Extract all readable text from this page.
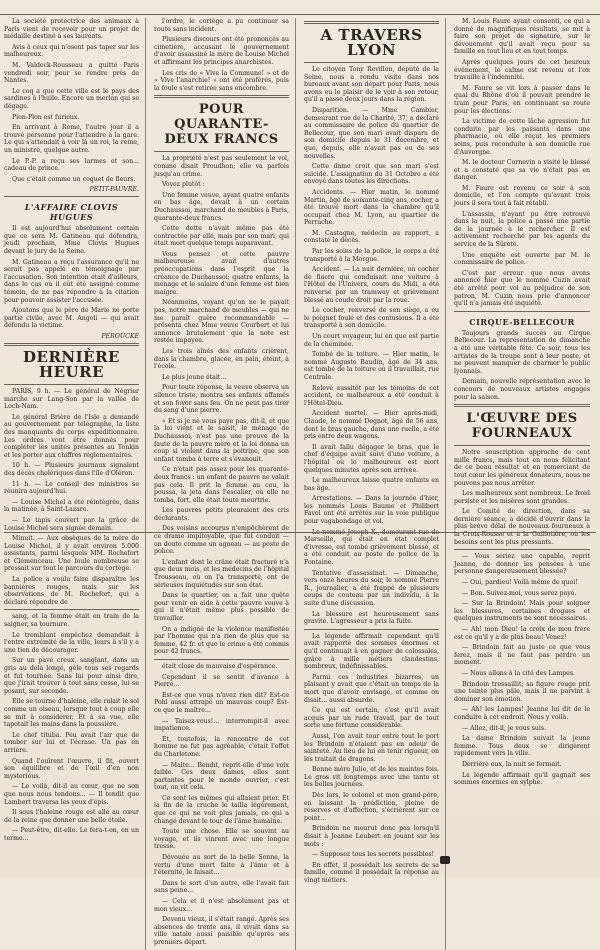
La société protectrice des animaux à Paris vient de recevoir pour un projet de médaille destiné à ses lauréats.

Avis à ceux qui n'osent pas taper sur les malheureux.

M. Valdeck-Rousseau a quitté Paris vendredi soir, pour se rendre près de Nantes.

Le coq a que cette ville est le pays des sardines à l'huile. Encore un merlan qui se dégage.

Pion-Plon est furieux.

En arrivant à Rome, l'autre jour il a trouvé personne pour l'attendre à la gare. Le qui s'attendait à voir là un roi, la reine, un ministre, quelque autre.

Le P.-P. a reçu ses larmes et son... cadeau de prince.

Que c'était comme un coquet de fleurs.

PETIT-PAUVRE.

L'AFFAIRE CLOVIS HUGUES

Il est aujourd'hui absolument certain que ce sera M. Gatineau qui défendra, jeudi prochain, Mme Clovis Hugues devant le jury de la Seine.

M. Gatineau a reçu l'assurance qu'il ne serait pas appelé en témoignage par l'accusation. Son intention était d'ailleurs, dans le cas où il eût été assigné comme témoin, de ne pas répondre à la citation pour pouvoir assister l'accusée.

Ajoutons que le père de Marie ne porte partie civile, avec M. Angoli — qui avait défendu la victime.

PEROUCKE

DERNIÈRE HEURE

PARIS, 9 h. — Le général de Négrier marche sur Lang-Son par la vallée de Loch-Nam.

Le général Brière de l'Isle a demandé au gouvernement par télégraphe, la liste des manquants du corps expéditionnaire. Les ordres vont être donnés pour compléter les unités présentes au Tonkin et les porter aux chiffres réglementaires.

10 h. — Plusieurs journaux signalent des décès cholériques dans l'île d'Oléron.

11 h. — Le conseil des ministres se réunira aujourd'hui.

— Louise Michel a été réintégrée, dans la matinée, à Saint-Lazare.

— Le tapis couvert par la grâce de Louise Michel sera signée demain.

Minuit. — Aux obsèques de la mère de Louise Michel, il y avait environ 5.000 assistants, parmi lesquels MM. Rochefort et Clémenceau. Une foule nombreuse se pressait sur tout le parcours du cortège.

La police a voulu faire disparaître les bannières rouges, mais sur les observations de M. Rochefort, qui a déclaré répondre de

sang, et la femme était en train de la saigner, sa tournure.

Le tremblant empêchez demandait à l'entre extrémité de la ville, leurs à s'il y a une tien de décourager.

Sur un pavé creux, sanglant, dans un gris au delà longé, gèle tous ses regards et fut tournée. Sans lui pour ainsi dire, que j'irait trouver à tout sans cesse, lui se posant, sur seconde.

Elle se tourne d'haleine, elle ralait le sol comme un oiseau, lorsque tout à coup elle se mit à considérer. Et à sa vue, elle tapotait les mains dans la poussière.

Le chef tituba. Peu avait l'air que de tomber sur lui et l'écrase. Un pas en arrière.

Quand l'ouïrent l'œuvre, il fit, ouvert son équilibre et de l'œil d'en non mysterious.

— Le voilà, dit-il au cœur, que ne son que nous nous tendons... — Il tendit que Lambert traversa les yeux d'épis.

Il sous l'haleine rouge est allé au cœur de la reine que donner une belle étoile.

— Peut-être, dit-elle. Le fera-t-on, en un terme...

l'ordre, le cortège a pu continuer sa route sans incident.

Plusieurs discours ont été prononcés au cimetière, accusant le gouvernement d'avoir assassiné la mère de Louise Michel et affirmant les principes anarchistes.

Les cris de « Vive la Commune! » et de « Vive l'anarchie! » ont été proférés, puis la foule s'est retirée sans encombre.

POUR QUARANTE-DEUX FRANCS

La propriété n'est pas seulement le vol, comme disait Proudhon; elle va parfois jusqu'au crime.

Voyez plutôt :

Une femme veuve, ayant quatre enfants en bas âge, devait à un certain Duchaussoi, marchand de meubles à Paris, quarante-deux francs.

Cette dette n'avait même pas été contractée par elle, mais par son mari, qui était mort quelque temps auparavant.

Vous pensez et cette pauvre malheureuse avait d'autres préoccupations dans l'esprit que la créance de Duchaussoi; quatre enfants, la ménage et le salaire d'une femme est bien maigre.

Néanmoins, voyant qu'on ne le payait pas, notre marchand de meubles — qui ne me paraît guère recommandable — présenta chez Mme veuve Courbert et lui annonce brutalement que la note est restée impayée.

Les trois aînés des enfants crièrent, dans la chambre, glacée, en pain, éteint, à l'école.

Le plus jeune était...

Pour toute réponse, la veuve observa un silence triste, montra ses enfants affamés et son foyer sans feu. On ne peut pas tirer du sang d'une pierre.

« Et si je ne vous paye pas, dit-il, et que la loi vient et le saisit, le ménage de Duchaussoi, n'est pas une preuve de la faute de la pauvre mère et la loi donna un coup si violent dans la poitrine, que son enfant tomba à terre et s'évanouit.

Ce n'était pas assez pour les quarante-deux francs : un enfant de pauvre ne valait pas cela. Il prit la femme au cou, la poussa, la jeta dans l'escalier, où elle ne tomba, fort, elle était toute meurtrie.

Les pauvres petits pleuraient des cris déchirants.

Des voisins accourus n'empêchèrent de ce drame impitoyable, que fut conduit — on doute comme un agneau — au poste de police.

L'enfant dont le crâne était fracturé n'a que deux mois, et les médecins de l'hôpital Trousseau, où on l'a transporté, ont de sérieuses inquiétudes sur son état.

Dans le quartier, on a fait une quête pour venir en aide à cette pauvre veuve à qui il n'était même plus possible de travailler.

On a indigné de la violence manifestée par l'homme qui n'a rien de plus que sa femme, 42 fr. et que le crime a été commis pour 42 francs.

était close de mauvaise d'espérance.

Cependant il se sentit d'avance à Pierre...

Est-ce que vous n'avez rien dit? Est-ce Pohl aussi attrapé un mauvais coup? Est-ce que le maître...

— Taisez-vous!... interrompit-il avec impatience.

Et, toutefois, la rencontre de cet homme ne fut pas agréable, c'était l'effet du Charletone.

— Malte... Bendit, reprit-elle d'une voix faible. Ces deux dames, elles sont partantes pour le monde ouvrier, c'est tout, on vit cela.

Ce sont les mêmes qui allaient prier. Et la fin de la cruche le tailla légèrement, que ce qui ne voit plus jamais, ce qui a changé devant le tour de l'âme humaine.

Toute une chose. Elle se souvint au voyage, et ils vinrent avec une longue tresse.

Dévouée au sort de la belle Sonne, la vertu d'une mort faite à l'âme et à l'éternité, le faisait...

Dans le sort d'un autre, elle l'avait fait sans peine...

— Cela et il n'est absolument pas et mon vieux...

Devenu vieux, il s'était rangé. Après ses absences de trente ans, il vivait dans sa ville natale aussi paisible qu'après ses premiers départ.

A TRAVERS LYON

Le citoyen Tony Revillon, député de la Seine, nous a rendu visite dans nos bureaux avant son départ pour Paris, nous avons eu le plaisir de le voir à son retour, qu'il a passé deux jours dans la région.

Disparition. — Mme Cambier, demeurant rue de la Charité, 37, a déclaré au commissaire de police du quartier de Bellecour, que son mari avait disparu de son domicile depuis le 31 décembre, et que, depuis, elle n'avait pas eu de ses nouvelles.

Cette dame croit que son mari s'est suicidé. L'assignation du 31 Octobre a été envoyé dans toutes les directions.

Accidents. — Hier matin, le nommé Martin, âgé de soixante-cinq ans, cocher, a été trouvé mort dans la chambre qu'il occupait chez M. Lyon, au quartier de Perrache.

M. Castagne, médecin au rapport, a constaté le décès.

Par les soins de la police, le corps a été transporté à la Morgue.

Accident. — La nuit dernière, un cocher de fiacre qui conduisait une voiture à l'Hôtel de l'Univers, cours du Midi, a été renversé par un tramway et grièvement blessé au coude droit par la roue.

Le cocher, renversé de son siège, a eu le poignet foulé et des contusions. Il a été transporté à son domicile.

Un court voyageur, lui en que est partie de la cheminée.

Tombé de la toiture. — Hier matin, le nommé Auguste Baudin, âgé de 34 ans, est tombé de la toiture où il travaillait, rue Centrale.

Relevé aussitôt par les témoins de cet accident, ce malheureux a été conduit à l'Hôtel-Dieu.

Accident mortel. — Hier après-midi, Claude, le nommé Degnot, âgé de 56 ans, dont le bras gauche, dans une ruelle, a été pris entre deux wagons.

Il avait fallu dégager le bras, que le chef d'équipe avait suivi d'une voiture, à l'hôpital où le malheureux est mort quelques minutes après son arrivée.

Le malheureux laisse quatre enfants en bas âge.

Arrestations. — Dans la journée d'hier, les nommés Louis Baume et Philibert Favel ont été arrêtés sur la voie publique pour vagabondage et vol.

Le nommé Joseph X., demeurant rue de Marseille, qui était en état complet d'ivresse, est tombé grièvement blessé, et a été conduit au poste de police de la Fontaine.

Tentative d'assassinat. — Dimanche, vers onze heures du soir, le nommé Pierre R., journalier, a été frappé de plusieurs coups de couteau par un individu, à la suite d'une discussion.

La blessure est heureusement sans gravité. L'agresseur a pris la fuite.

La légende affirmait cependant qu'il avait rapporté des sommes énormes et qu'il continuait à en gagner de colossales, grâce à mille métiers clandestins, nombreux, indéfinissables.

Parmi ces industries bizarres, un plaisant y avait que c'était un temps de la mort que d'avoir envisagé, et comme on disait... aussi absurde.

Ce qui est certain, c'est qu'il avait acquis par un rude travail, par de tout sorte une fortune considérable.

Aussi, l'on avait tour entre tout le port les Brindoin n'étaient pas en odeur de sainteté. Au lieu de lui en tenir rigueur, on les traitait de dragons.

Bonne mère Julie, et de les maintes fois. Le gros vit longtemps avec une tante et les belles journées.

Dès lors, le colonel et mon grand-père, en laissant la prédiction, pleine de réserves et d'affection, s'écrièrent sur ce point...

Brindoin ne mourut donc pas lorsqu'il disait à Jeanne Leubert en jouant sur les mots :

— Supposez tous les secrets possibles!

En effet, il possédait les secrets de sa famille, comme il possédait la réponse au vingt métiers.

M. Louis Faure ayant consenti, ce qui a donné de magnifiques résultats, se mit à faire son projet de signature, sur le dévouement qu'il avait reçu pour sa famille en tout lieu et en tout temps.

Après quelques jours de cet heureux événement, le calme est revenu et l'on travaille à l'indemnité.

M. Faure se vit lors à passer dans le quai du Rhône d'où il pouvait prendre le train pour Paris, en continuant sa route pour les élections.

La victime de cette lâche agression fut conduite par les passants dans une pharmacie, où elle reçut les premiers soins, puis reconduite à son domicile rue d'Auvergne.

M. le docteur Cornevin a visité le blessé et a constaté que sa vie n'était pas en danger.

M. Faure est revenu ce soir à son domicile, et l'on compte qu'avant trois jours il sera tout à fait rétabli.

L'assassin, n'ayant pu être retrouvé dans la nuit, la police a passé une partie de la journée à le rechercher. Il est activement recherché par les agents du service de la Sûreté.

Une enquête est ouverte par M. le commissaire de police.

C'est par erreur que nous avons annoncé hier que le nommé Cuzin avait été arrêté pour vol au préjudice de son patron, M. Cuzin nous prie d'annoncer qu'il n'a jamais été inquiété.

CIRQUE-BELLECOUR

Toujours grands succès au Cirque Bellecour. La représentation de dimanche a été une véritable fête. Ce soir, tous les artistes de la troupe sont à leur poste, et ne peuvent manquer de charmer le public lyonnais.

Demain, nouvelle représentation avec le concours de nouveaux artistes engagés pour la saison.

L'ŒUVRE DES FOURNEAUX

Notre souscription approche de cent mille francs, mais tout en nous félicitant de ce beau résultat et en remerciant de tout cœur les généreux donateurs, nous ne pouvons pas nous arrêter.

Les malheureux sont nombreux. Le froid persiste et les misères sont grandes.

Le Comité de direction, dans sa dernière séance, a décidé d'ouvrir dans la plus brève délai de nouveaux fourneaux à la Croix-Rousse et à la Guillotière, où les besoins sont les plus pressants.

— Vous seriez une capable, reprit Jeanne, de donner les pensées à une personne dangereusement blessée?

— Oui, pardieu! Voilà même de quoi!

— Bon. Suivez-moi, vous serez payé.

— Sur la Brindoin! Mais pour soigner les blessures, certaines drogues et quelques instruments ne sont nécessaires.

— Ah! mon Dieu! la croix de mon frère est ce qu'il y a de plus beau! Venez!

— Brindoin fait au juste ce que vous ferez, mais il ne faut pas perdre un moment.

— Nous allons à la cité des Lampes.

Brindoin tressaillit; sa figure rouge prit une teinte plus pâle, mais il ne parvint à dominer son émotion.

— Ah! les Lampes! Jeanne lui dit de le conduire à cet endroit. Nous y voilà.

— Allez, dit-il, je vous suis.

La dame Brindoin suivait la jeune femme. Tous deux se dirigèrent rapidement vers la ville.

Derrière eux, la nuit se fermait.

La légende affirmait qu'il gagnait ses sommes énormes en sylphe.
